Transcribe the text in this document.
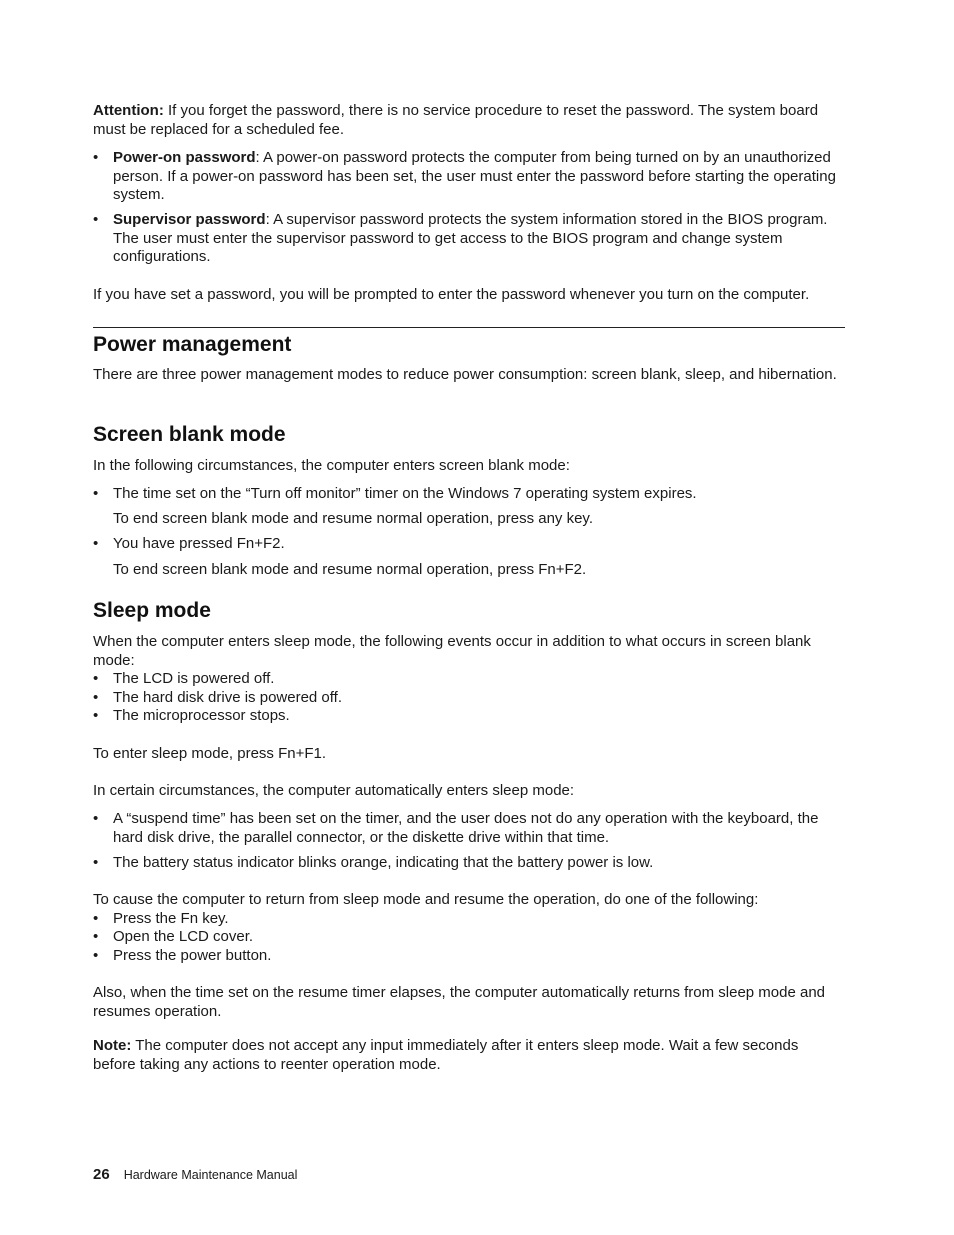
Attention: If you forget the password, there is no service procedure to reset the password. The system board must be replaced for a scheduled fee.

• Power-on password: A power-on password protects the computer from being turned on by an unauthorized person. If a power-on password has been set, the user must enter the password before starting the operating system.
• Supervisor password: A supervisor password protects the system information stored in the BIOS program. The user must enter the supervisor password to get access to the BIOS program and change system configurations.

If you have set a password, you will be prompted to enter the password whenever you turn on the computer.

Power management

There are three power management modes to reduce power consumption: screen blank, sleep, and hibernation.

Screen blank mode

In the following circumstances, the computer enters screen blank mode:

• The time set on the “Turn off monitor” timer on the Windows 7 operating system expires.

To end screen blank mode and resume normal operation, press any key.

• You have pressed Fn+F2.

To end screen blank mode and resume normal operation, press Fn+F2.

Sleep mode

When the computer enters sleep mode, the following events occur in addition to what occurs in screen blank mode:

• The LCD is powered off.
• The hard disk drive is powered off.
• The microprocessor stops.

To enter sleep mode, press Fn+F1.

In certain circumstances, the computer automatically enters sleep mode:

• A “suspend time” has been set on the timer, and the user does not do any operation with the keyboard, the hard disk drive, the parallel connector, or the diskette drive within that time.
• The battery status indicator blinks orange, indicating that the battery power is low.

To cause the computer to return from sleep mode and resume the operation, do one of the following:

• Press the Fn key.
• Open the LCD cover.
• Press the power button.

Also, when the time set on the resume timer elapses, the computer automatically returns from sleep mode and resumes operation.

Note: The computer does not accept any input immediately after it enters sleep mode. Wait a few seconds before taking any actions to reenter operation mode.

26 Hardware Maintenance Manual
